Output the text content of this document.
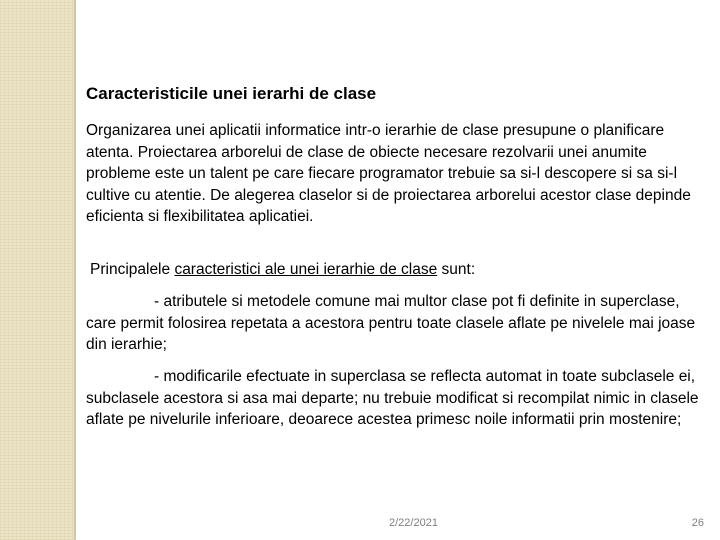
Caracteristicile unei ierarhi de clase
Organizarea unei aplicatii informatice intr-o ierarhie de clase presupune o planificare atenta. Proiectarea arborelui de clase de obiecte necesare rezolvarii unei anumite probleme este un talent pe care fiecare programator trebuie sa si-l descopere si sa si-l cultive cu atentie. De alegerea claselor si de proiectarea arborelui acestor clase depinde eficienta si flexibilitatea aplicatiei.
Principalele caracteristici ale unei ierarhie de clase sunt:
- atributele si metodele comune mai multor clase pot fi definite in superclase, care permit folosirea repetata a acestora pentru toate clasele aflate pe nivelele mai joase din ierarhie;
- modificarile efectuate in superclasa se reflecta automat in toate subclasele ei, subclasele acestora si asa mai departe; nu trebuie modificat si recompilat nimic in clasele aflate pe nivelurile inferioare, deoarece acestea primesc noile informatii prin mostenire;
2/22/2021	26
